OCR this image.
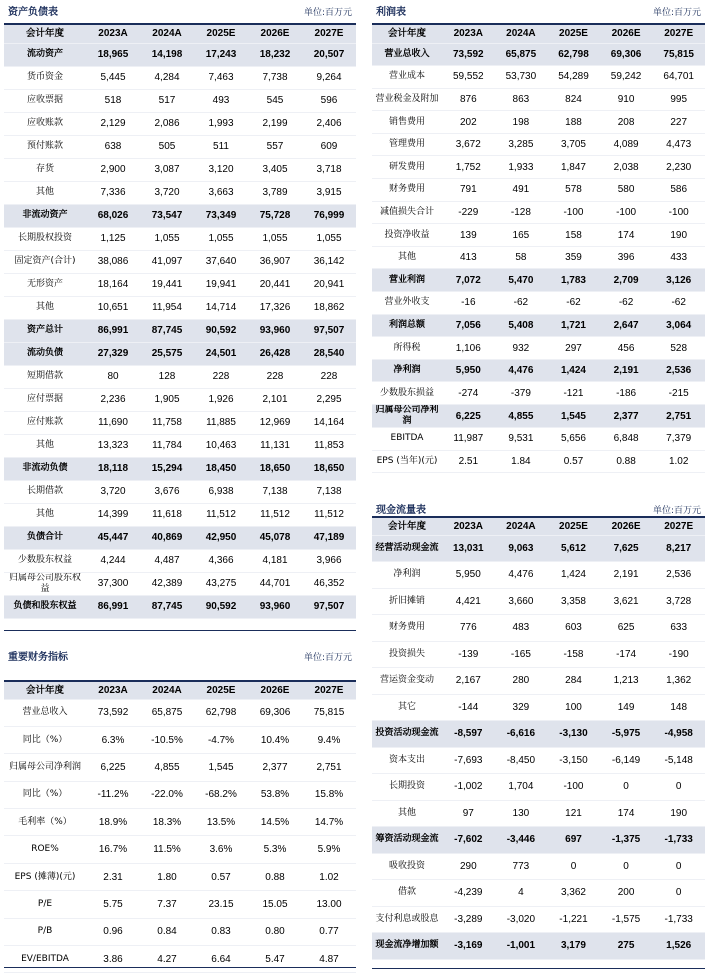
资产负债表	单位:百万元
会计年度	2023A	2024A	2025E	2026E	2027E
流动资产	18,965	14,198	17,243	18,232	20,507
货币资金	5,445	4,284	7,463	7,738	9,264
应收票据	518	517	493	545	596
应收账款	2,129	2,086	1,993	2,199	2,406
预付账款	638	505	511	557	609
存货	2,900	3,087	3,120	3,405	3,718
其他	7,336	3,720	3,663	3,789	3,915
非流动资产	68,026	73,547	73,349	75,728	76,999
长期股权投资	1,125	1,055	1,055	1,055	1,055
固定资产(合计)	38,086	41,097	37,640	36,907	36,142
无形资产	18,164	19,441	19,941	20,441	20,941
其他	10,651	11,954	14,714	17,326	18,862
资产总计	86,991	87,745	90,592	93,960	97,507
流动负债	27,329	25,575	24,501	26,428	28,540
短期借款	80	128	228	228	228
应付票据	2,236	1,905	1,926	2,101	2,295
应付账款	11,690	11,758	11,885	12,969	14,164
其他	13,323	11,784	10,463	11,131	11,853
非流动负债	18,118	15,294	18,450	18,650	18,650
长期借款	3,720	3,676	6,938	7,138	7,138
其他	14,399	11,618	11,512	11,512	11,512
负债合计	45,447	40,869	42,950	45,078	47,189
少数股东权益	4,244	4,487	4,366	4,181	3,966
归属母公司股东权益	37,300	42,389	43,275	44,701	46,352
负债和股东权益	86,991	87,745	90,592	93,960	97,507
利润表	单位:百万元
会计年度	2023A	2024A	2025E	2026E	2027E
营业总收入	73,592	65,875	62,798	69,306	75,815
营业成本	59,552	53,730	54,289	59,242	64,701
营业税金及附加	876	863	824	910	995
销售费用	202	198	188	208	227
管理费用	3,672	3,285	3,705	4,089	4,473
研发费用	1,752	1,933	1,847	2,038	2,230
财务费用	791	491	578	580	586
减值损失合计	-229	-128	-100	-100	-100
投资净收益	139	165	158	174	190
其他	413	58	359	396	433
营业利润	7,072	5,470	1,783	2,709	3,126
营业外收支	-16	-62	-62	-62	-62
利润总额	7,056	5,408	1,721	2,647	3,064
所得税	1,106	932	297	456	528
净利润	5,950	4,476	1,424	2,191	2,536
少数股东损益	-274	-379	-121	-186	-215
归属母公司净利润	6,225	4,855	1,545	2,377	2,751
EBITDA	11,987	9,531	5,656	6,848	7,379
EPS (当年)(元)	2.51	1.84	0.57	0.88	1.02
重要财务指标	单位:百万元
会计年度	2023A	2024A	2025E	2026E	2027E
营业总收入	73,592	65,875	62,798	69,306	75,815
同比（%）	6.3%	-10.5%	-4.7%	10.4%	9.4%
归属母公司净利润	6,225	4,855	1,545	2,377	2,751
同比（%）	-11.2%	-22.0%	-68.2%	53.8%	15.8%
毛利率（%）	18.9%	18.3%	13.5%	14.5%	14.7%
ROE%	16.7%	11.5%	3.6%	5.3%	5.9%
EPS (摊薄)(元)	2.31	1.80	0.57	0.88	1.02
P/E	5.75	7.37	23.15	15.05	13.00
P/B	0.96	0.84	0.83	0.80	0.77
EV/EBITDA	3.86	4.27	6.64	5.47	4.87
现金流量表	单位:百万元
会计年度	2023A	2024A	2025E	2026E	2027E
经营活动现金流	13,031	9,063	5,612	7,625	8,217
净利润	5,950	4,476	1,424	2,191	2,536
折旧摊销	4,421	3,660	3,358	3,621	3,728
财务费用	776	483	603	625	633
投资损失	-139	-165	-158	-174	-190
营运资金变动	2,167	280	284	1,213	1,362
其它	-144	329	100	149	148
投资活动现金流	-8,597	-6,616	-3,130	-5,975	-4,958
资本支出	-7,693	-8,450	-3,150	-6,149	-5,148
长期投资	-1,002	1,704	-100	0	0
其他	97	130	121	174	190
筹资活动现金流	-7,602	-3,446	697	-1,375	-1,733
吸收投资	290	773	0	0	0
借款	-4,239	4	3,362	200	0
支付利息或股息	-3,289	-3,020	-1,221	-1,575	-1,733
现金流净增加额	-3,169	-1,001	3,179	275	1,526
